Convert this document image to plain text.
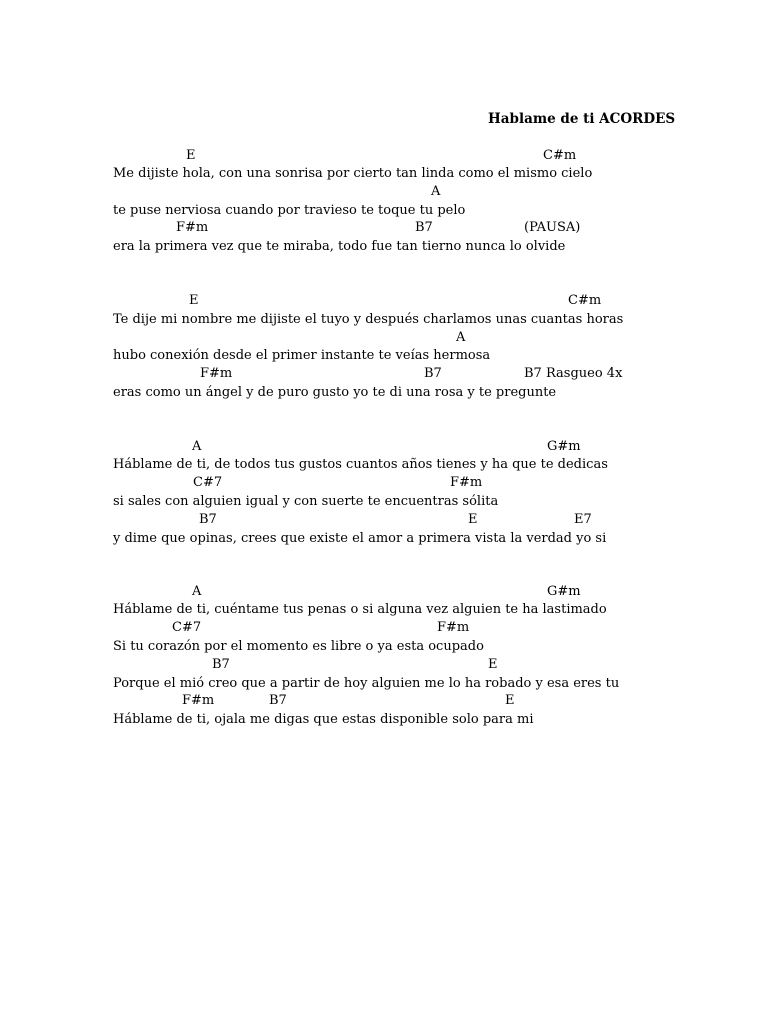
Hablame de ti ACORDES
E	C#m
Me dijiste hola, con una sonrisa por cierto tan linda como el mismo cielo
A
te puse nerviosa cuando por travieso te toque tu pelo
F#m	B7	(PAUSA)
era la primera vez que te miraba, todo fue tan tierno nunca lo olvide
E	C#m
Te dije mi nombre me dijiste el tuyo y después charlamos unas cuantas horas
A
hubo conexión desde el primer instante te veías hermosa
F#m	B7	B7 Rasgueo 4x
eras como un ángel y de puro gusto yo te di una rosa y te pregunte
A	G#m
Háblame de ti, de todos tus gustos cuantos años tienes y ha que te dedicas
C#7	F#m
si sales con alguien igual y con suerte te encuentras sólita
B7	E	E7
y dime que opinas, crees que existe el amor a primera vista la verdad yo si
A	G#m
Háblame de ti, cuéntame tus penas o si alguna vez alguien te ha lastimado
C#7	F#m
Si tu corazón por el momento es libre o ya esta ocupado
B7	E
Porque el mió creo que a partir de hoy alguien me lo ha robado y esa eres tu
F#m	B7	E
Háblame de ti, ojala me digas que estas disponible solo para mi
